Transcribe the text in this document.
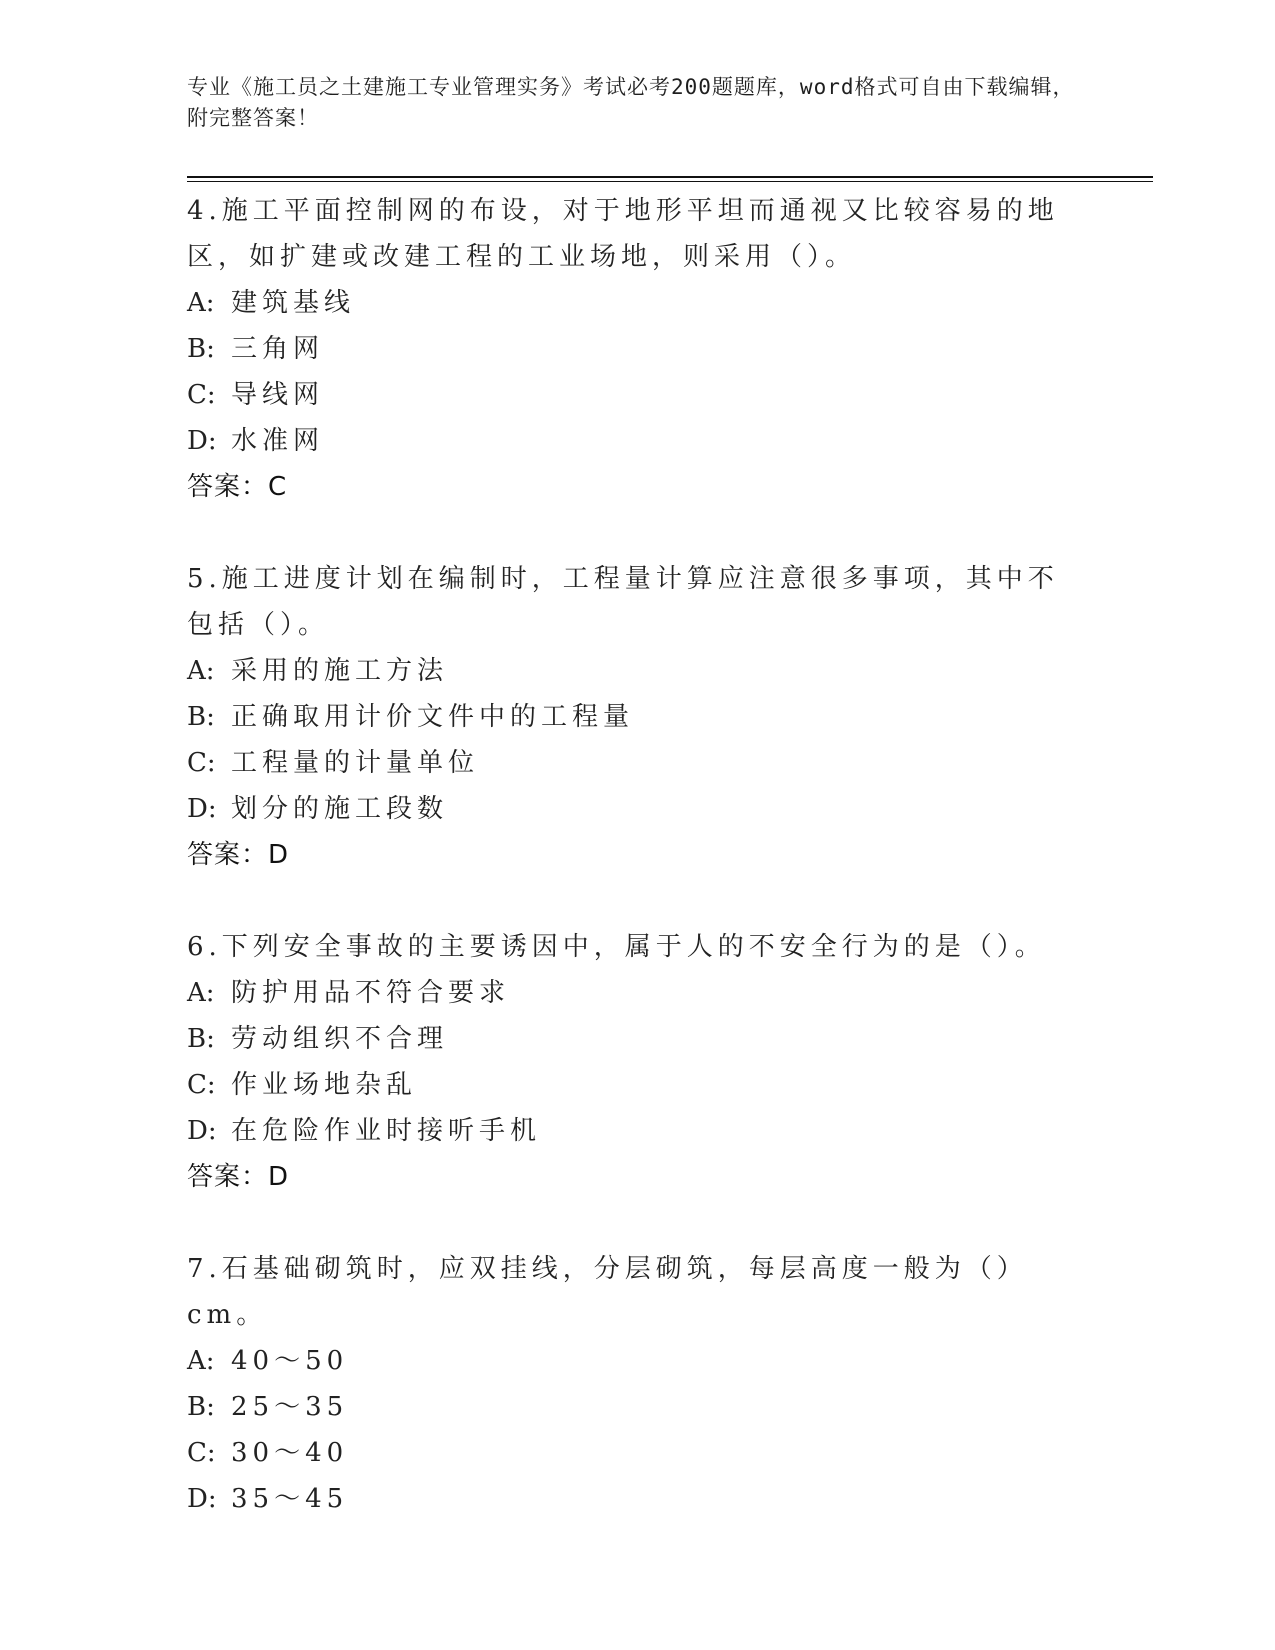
专业《施工员之土建施工专业管理实务》考试必考200题题库，word格式可自由下载编辑，附完整答案！
4.施工平面控制网的布设，对于地形平坦而通视又比较容易的地区，如扩建或改建工程的工业场地，则采用（）。
A: 建筑基线
B: 三角网
C: 导线网
D: 水准网
答案：C
5.施工进度计划在编制时，工程量计算应注意很多事项，其中不包括（）。
A: 采用的施工方法
B: 正确取用计价文件中的工程量
C: 工程量的计量单位
D: 划分的施工段数
答案：D
6.下列安全事故的主要诱因中，属于人的不安全行为的是（）。
A: 防护用品不符合要求
B: 劳动组织不合理
C: 作业场地杂乱
D: 在危险作业时接听手机
答案：D
7.石基础砌筑时，应双挂线，分层砌筑，每层高度一般为（）cm。
A: 40～50
B: 25～35
C: 30～40
D: 35～45
